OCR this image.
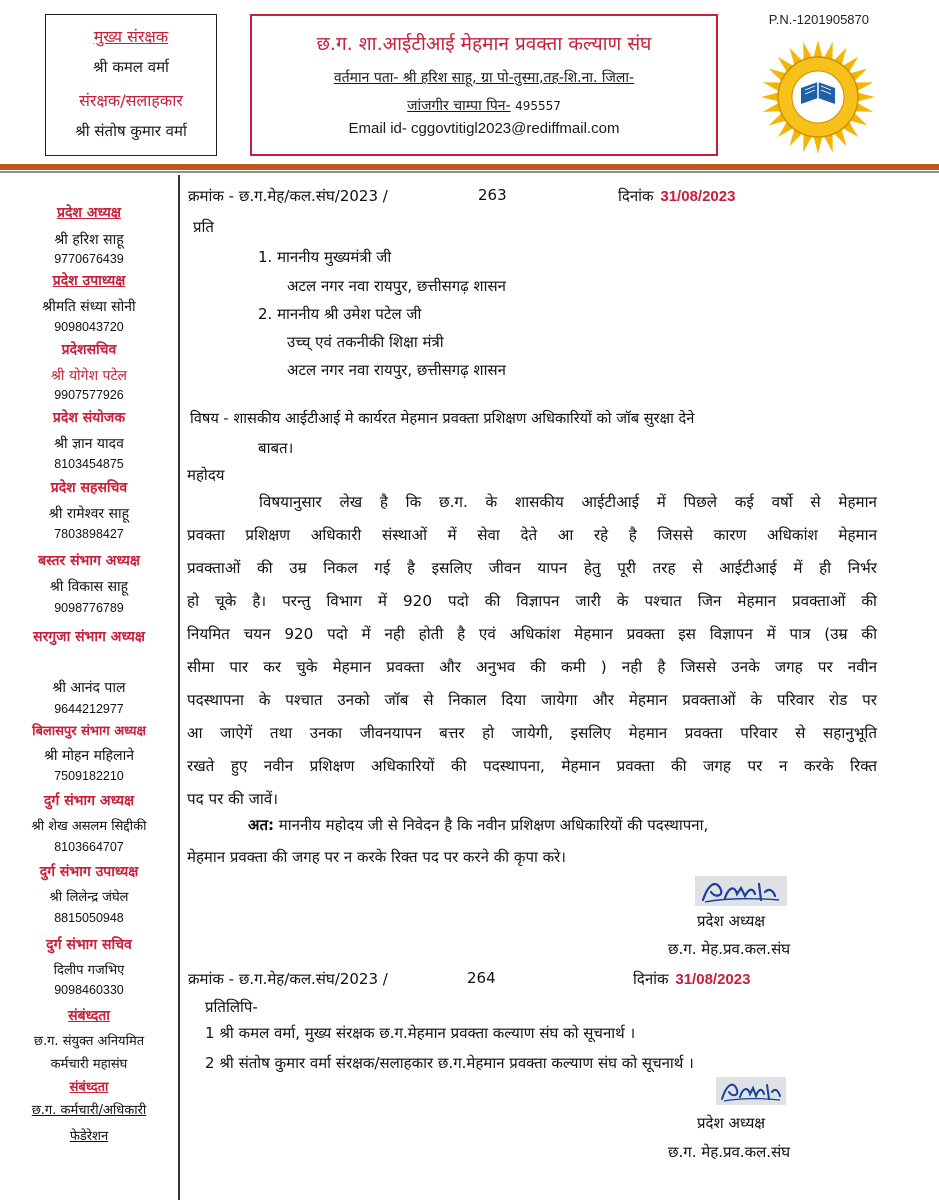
मुख्य संरक्षक
श्री कमल वर्मा
संरक्षक/सलाहकार
श्री संतोष कुमार वर्मा
छ.ग. शा.आईटीआई मेहमान प्रवक्ता कल्याण संघ
वर्तमान पता- श्री हरिश साहू, ग्रा पो-तुस्मा,तह-शि.ना. जिला-
जांजगीर चाम्पा पिन- 495557
Email id- cggovtitigl2023@rediffmail.com
P.N.-1201905870
प्रदेश अध्यक्ष
श्री हरिश साहू
9770676439
प्रदेश उपाध्यक्ष
श्रीमति संध्या सोनी
9098043720
प्रदेशसचिव
श्री योगेश पटेल
9907577926
प्रदेश संयोजक
श्री ज्ञान यादव
8103454875
प्रदेश सहसचिव
श्री रामेश्वर साहू
7803898427
बस्तर संभाग अध्यक्ष
श्री विकास साहू
9098776789
सरगुजा संभाग अध्यक्ष
श्री आनंद पाल
9644212977
बिलासपुर संभाग अध्यक्ष
श्री मोहन महिलाने
7509182210
दुर्ग संभाग अध्यक्ष
श्री शेख असलम सिद्दीकी
8103664707
दुर्ग संभाग उपाध्यक्ष
श्री लिलेन्द्र जंघेल
8815050948
दुर्ग संभाग सचिव
दिलीप गजभिए
9098460330
संबंध्दता
छ.ग. संयुक्त अनियमित
कर्मचारी महासंघ
संबंध्दता
छ.ग. कर्मचारी/अधिकारी
फेडेरेशन
क्रमांक - छ.ग.मेह/कल.संघ/2023 /	263	दिनांक 31/08/2023
प्रति
1. माननीय मुख्यमंत्री जी
अटल नगर नवा रायपुर, छत्तीसगढ़ शासन
2. माननीय श्री उमेश पटेल जी
उच्च् एवं तकनीकी शिक्षा मंत्री
अटल नगर नवा रायपुर, छत्तीसगढ़ शासन
विषय - शासकीय आईटीआई मे कार्यरत मेहमान प्रवक्ता प्रशिक्षण अधिकारियों को जॉब सुरक्षा देने
बाबत।
महोदय
विषयानुसार लेख है कि छ.ग. के शासकीय आईटीआई में पिछले कई वर्षो से मेहमान
प्रवक्ता प्रशिक्षण अधिकारी संस्थाओं में सेवा देते आ रहे है जिससे कारण अधिकांश मेहमान
प्रवक्ताओं की उम्र निकल गई है इसलिए जीवन यापन हेतु पूरी तरह से आईटीआई में ही निर्भर
हो चूके है। परन्तु विभाग में 920 पदो की विज्ञापन जारी के पश्चात जिन मेहमान प्रवक्ताओं की
नियमित चयन 920 पदो में नही होती है एवं अधिकांश मेहमान प्रवक्ता इस विज्ञापन में पात्र (उम्र की
सीमा पार कर चुके मेहमान प्रवक्ता और अनुभव की कमी ) नही है जिससे उनके जगह पर नवीन
पदस्थापना के पश्चात उनको जॉब से निकाल दिया जायेगा और मेहमान प्रवक्ताओं के परिवार रोड पर
आ जाऐगें तथा उनका जीवनयापन बत्तर हो जायेगी, इसलिए मेहमान प्रवक्ता परिवार से सहानुभूति
रखते हुए नवीन प्रशिक्षण अधिकारियों की पदस्थापना, मेहमान प्रवक्ता की जगह पर न करके रिक्त
पद पर की जावें।
अत: माननीय महोदय जी से निवेदन है कि नवीन प्रशिक्षण अधिकारियों की पदस्थापना,
मेहमान प्रवक्ता की जगह पर न करके रिक्त पद पर करने की कृपा करे।
प्रदेश अध्यक्ष
छ.ग. मेह.प्रव.कल.संघ
क्रमांक - छ.ग.मेह/कल.संघ/2023 /	264	दिनांक 31/08/2023
प्रतिलिपि-
1 श्री कमल वर्मा, मुख्य संरक्षक छ.ग.मेहमान प्रवक्ता कल्याण संघ को सूचनार्थ ।
2 श्री संतोष कुमार वर्मा संरक्षक/सलाहकार छ.ग.मेहमान प्रवक्ता कल्याण संघ को सूचनार्थ ।
प्रदेश अध्यक्ष
छ.ग. मेह.प्रव.कल.संघ
